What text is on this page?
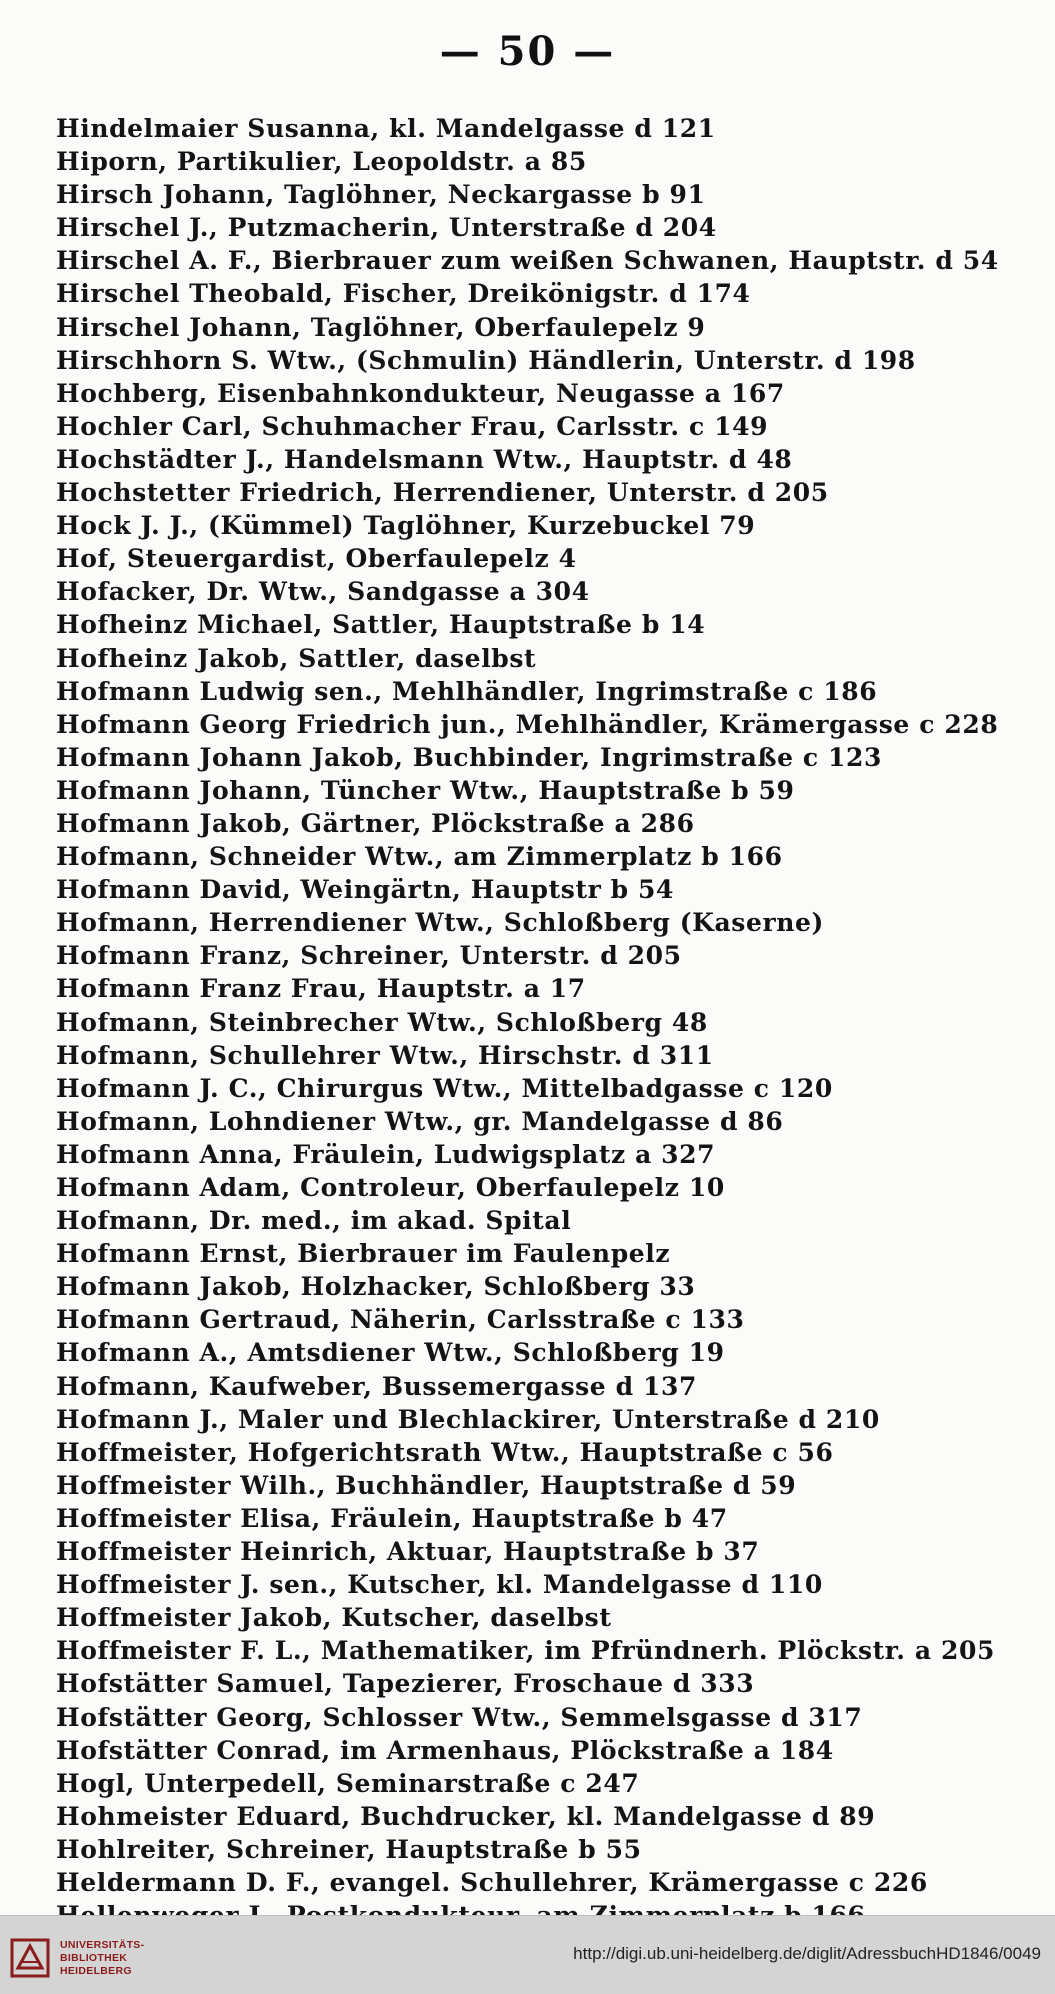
— 50 —
Hindelmaier Susanna, kl. Mandelgasse d 121
Hiporn, Partikulier, Leopoldstr. a 85
Hirsch Johann, Taglöhner, Neckargasse b 91
Hirschel J., Putzmacherin, Unterstraße d 204
Hirschel A. F., Bierbrauer zum weißen Schwanen, Hauptstr. d 54
Hirschel Theobald, Fischer, Dreikönigstr. d 174
Hirschel Johann, Taglöhner, Oberfaulepelz 9
Hirschhorn S. Wtw., (Schmulin) Händlerin, Unterstr. d 198
Hochberg, Eisenbahnkondukteur, Neugasse a 167
Hochler Carl, Schuhmacher Frau, Carlsstr. c 149
Hochstädter J., Handelsmann Wtw., Hauptstr. d 48
Hochstetter Friedrich, Herrendiener, Unterstr. d 205
Hock J. J., (Kümmel) Taglöhner, Kurzebuckel 79
Hof, Steuergardist, Oberfaulepelz 4
Hofacker, Dr. Wtw., Sandgasse a 304
Hofheinz Michael, Sattler, Hauptstraße b 14
Hofheinz Jakob, Sattler, daselbst
Hofmann Ludwig sen., Mehlhändler, Ingrimstraße c 186
Hofmann Georg Friedrich jun., Mehlhändler, Krämergasse c 228
Hofmann Johann Jakob, Buchbinder, Ingrimstraße c 123
Hofmann Johann, Tüncher Wtw., Hauptstraße b 59
Hofmann Jakob, Gärtner, Plöckstraße a 286
Hofmann, Schneider Wtw., am Zimmerplatz b 166
Hofmann David, Weingärtn, Hauptstr b 54
Hofmann, Herrendiener Wtw., Schloßberg (Kaserne)
Hofmann Franz, Schreiner, Unterstr. d 205
Hofmann Franz Frau, Hauptstr. a 17
Hofmann, Steinbrecher Wtw., Schloßberg 48
Hofmann, Schullehrer Wtw., Hirschstr. d 311
Hofmann J. C., Chirurgus Wtw., Mittelbadgasse c 120
Hofmann, Lohndiener Wtw., gr. Mandelgasse d 86
Hofmann Anna, Fräulein, Ludwigsplatz a 327
Hofmann Adam, Controleur, Oberfaulepelz 10
Hofmann, Dr. med., im akad. Spital
Hofmann Ernst, Bierbrauer im Faulenpelz
Hofmann Jakob, Holzhacker, Schloßberg 33
Hofmann Gertraud, Näherin, Carlsstraße c 133
Hofmann A., Amtsdiener Wtw., Schloßberg 19
Hofmann, Kaufweber, Bussemergasse d 137
Hofmann J., Maler und Blechlackirer, Unterstraße d 210
Hoffmeister, Hofgerichtsrath Wtw., Hauptstraße c 56
Hoffmeister Wilh., Buchhändler, Hauptstraße d 59
Hoffmeister Elisa, Fräulein, Hauptstraße b 47
Hoffmeister Heinrich, Aktuar, Hauptstraße b 37
Hoffmeister J. sen., Kutscher, kl. Mandelgasse d 110
Hoffmeister Jakob, Kutscher, daselbst
Hoffmeister F. L., Mathematiker, im Pfründnerh. Plöckstr. a 205
Hofstätter Samuel, Tapezierer, Froschaue d 333
Hofstätter Georg, Schlosser Wtw., Semmelsgasse d 317
Hofstätter Conrad, im Armenhaus, Plöckstraße a 184
Hogl, Unterpedell, Seminarstraße c 247
Hohmeister Eduard, Buchdrucker, kl. Mandelgasse d 89
Hohlreiter, Schreiner, Hauptstraße b 55
Heldermann D. F., evangel. Schullehrer, Krämergasse c 226
UNIVERSITÄTS-
BIBLIOTHEK
HEIDELBERG
http://digi.ub.uni-heidelberg.de/diglit/AdressbuchHD1846/0049
